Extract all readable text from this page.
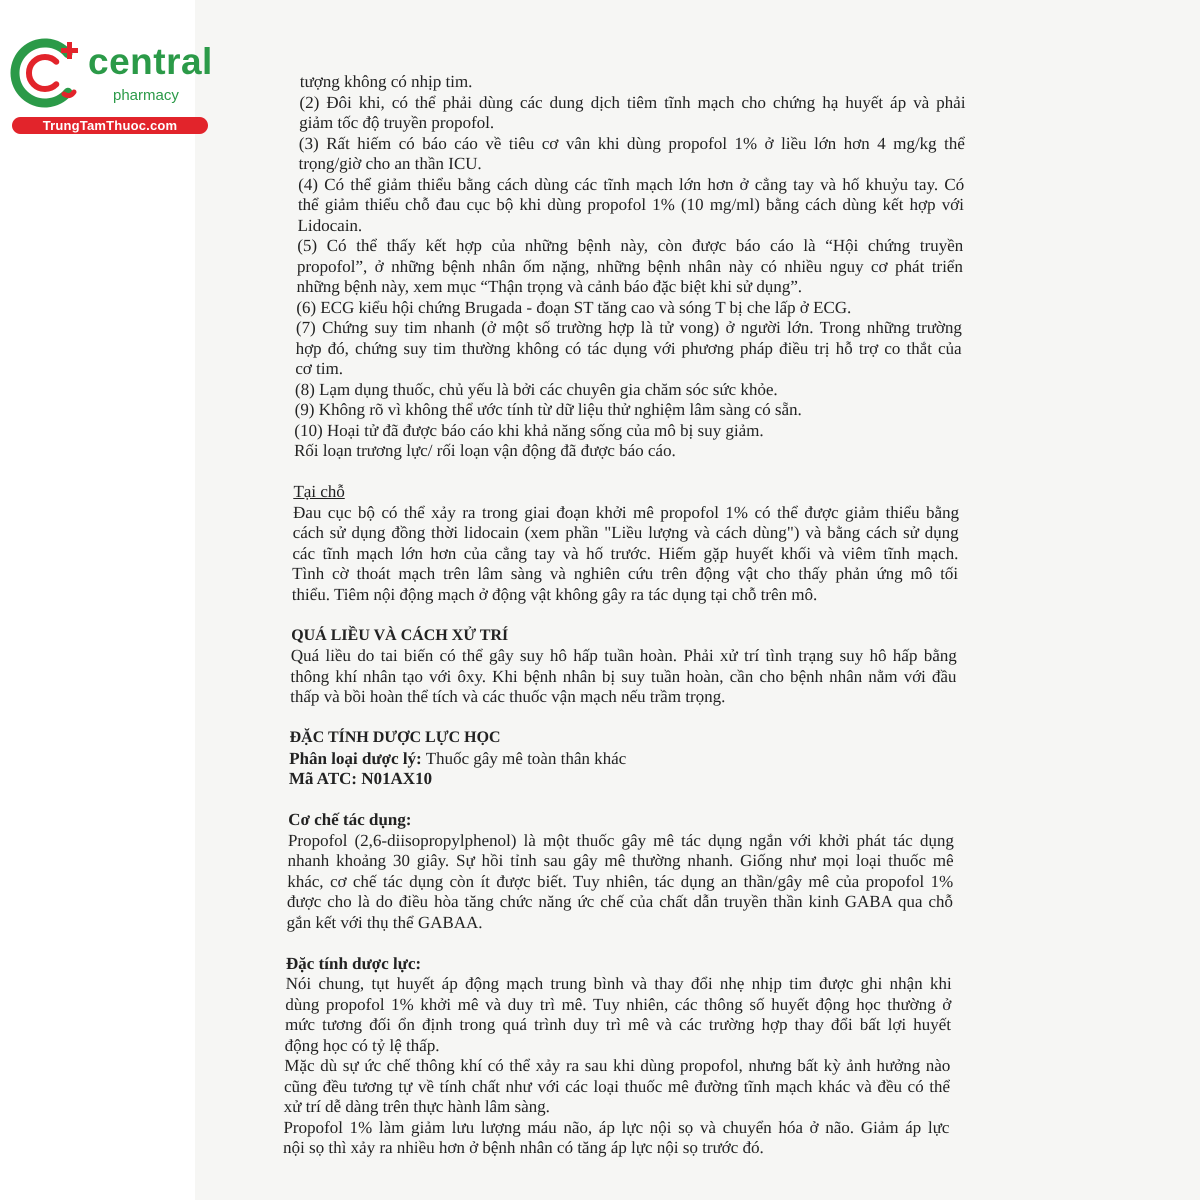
central
pharmacy
TrungTamThuoc.com
tượng không có nhịp tim.
(2) Đôi khi, có thể phải dùng các dung dịch tiêm tĩnh mạch cho chứng hạ huyết áp và phải
giảm tốc độ truyền propofol.
(3) Rất hiếm có báo cáo về tiêu cơ vân khi dùng propofol 1% ở liều lớn hơn 4 mg/kg thể
trọng/giờ cho an thần ICU.
(4) Có thể giảm thiểu bằng cách dùng các tĩnh mạch lớn hơn ở cẳng tay và hố khuỷu tay. Có
thể giảm thiểu chỗ đau cục bộ khi dùng propofol 1% (10 mg/ml) bằng cách dùng kết hợp với
Lidocain.
(5) Có thể thấy kết hợp của những bệnh này, còn được báo cáo là “Hội chứng truyền
propofol”, ở những bệnh nhân ốm nặng, những bệnh nhân này có nhiều nguy cơ phát triển
những bệnh này, xem mục “Thận trọng và cảnh báo đặc biệt khi sử dụng”.
(6) ECG kiểu hội chứng Brugada - đoạn ST tăng cao và sóng T bị che lấp ở ECG.
(7) Chứng suy tim nhanh (ở một số trường hợp là tử vong) ở người lớn. Trong những trường
hợp đó, chứng suy tim thường không có tác dụng với phương pháp điều trị hỗ trợ co thắt của
cơ tim.
(8) Lạm dụng thuốc, chủ yếu là bởi các chuyên gia chăm sóc sức khỏe.
(9) Không rõ vì không thể ước tính từ dữ liệu thử nghiệm lâm sàng có sẵn.
(10) Hoại tử đã được báo cáo khi khả năng sống của mô bị suy giảm.
Rối loạn trương lực/ rối loạn vận động đã được báo cáo.
Tại chỗ
Đau cục bộ có thể xảy ra trong giai đoạn khởi mê propofol 1% có thể được giảm thiểu bằng
cách sử dụng đồng thời lidocain (xem phần "Liều lượng và cách dùng") và bằng cách sử dụng
các tĩnh mạch lớn hơn của cẳng tay và hố trước. Hiếm gặp huyết khối và viêm tĩnh mạch.
Tình cờ thoát mạch trên lâm sàng và nghiên cứu trên động vật cho thấy phản ứng mô tối
thiểu. Tiêm nội động mạch ở động vật không gây ra tác dụng tại chỗ trên mô.
QUÁ LIỀU VÀ CÁCH XỬ TRÍ
Quá liều do tai biến có thể gây suy hô hấp tuần hoàn. Phải xử trí tình trạng suy hô hấp bằng
thông khí nhân tạo với ôxy. Khi bệnh nhân bị suy tuần hoàn, cần cho bệnh nhân nằm với đầu
thấp và bồi hoàn thể tích và các thuốc vận mạch nếu trầm trọng.
ĐẶC TÍNH DƯỢC LỰC HỌC
Phân loại dược lý: Thuốc gây mê toàn thân khác
Mã ATC: N01AX10
Cơ chế tác dụng:
Propofol (2,6-diisopropylphenol) là một thuốc gây mê tác dụng ngắn với khởi phát tác dụng
nhanh khoảng 30 giây. Sự hồi tỉnh sau gây mê thường nhanh. Giống như mọi loại thuốc mê
khác, cơ chế tác dụng còn ít được biết. Tuy nhiên, tác dụng an thần/gây mê của propofol 1%
được cho là do điều hòa tăng chức năng ức chế của chất dẫn truyền thần kinh GABA qua chỗ
gắn kết với thụ thể GABAA.
Đặc tính dược lực:
Nói chung, tụt huyết áp động mạch trung bình và thay đổi nhẹ nhịp tim được ghi nhận khi
dùng propofol 1% khởi mê và duy trì mê. Tuy nhiên, các thông số huyết động học thường ở
mức tương đối ổn định trong quá trình duy trì mê và các trường hợp thay đổi bất lợi huyết
động học có tỷ lệ thấp.
Mặc dù sự ức chế thông khí có thể xảy ra sau khi dùng propofol, nhưng bất kỳ ảnh hưởng nào
cũng đều tương tự về tính chất như với các loại thuốc mê đường tĩnh mạch khác và đều có thể
xử trí dễ dàng trên thực hành lâm sàng.
Propofol 1% làm giảm lưu lượng máu não, áp lực nội sọ và chuyển hóa ở não. Giảm áp lực
nội sọ thì xảy ra nhiều hơn ở bệnh nhân có tăng áp lực nội sọ trước đó.
